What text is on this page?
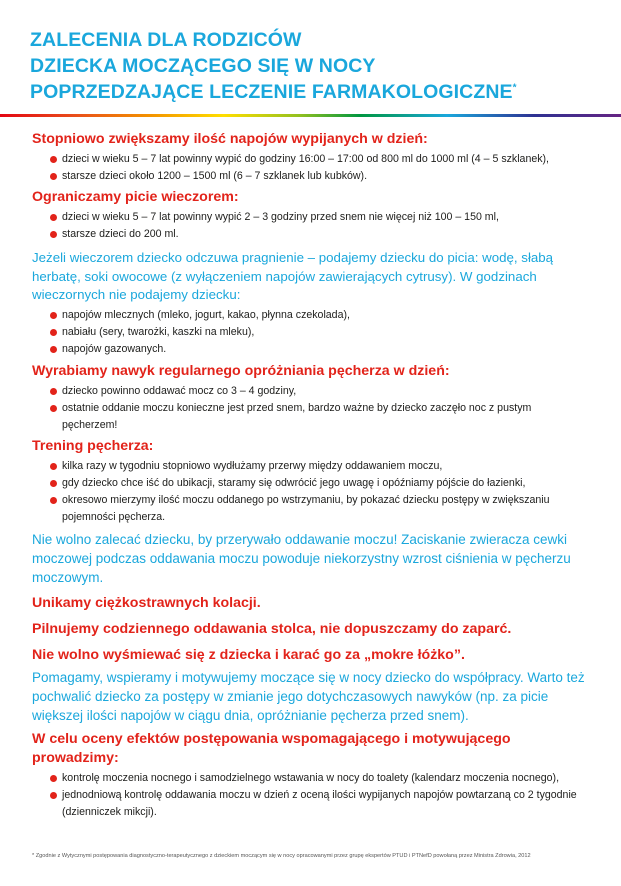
ZALECENIA DLA RODZICÓW
DZIECKA MOCZĄCEGO SIĘ W NOCY
POPRZEDZAJĄCE LECZENIE FARMAKOLOGICZNE*
Stopniowo zwiększamy ilość napojów wypijanych w dzień:
dzieci w wieku 5 – 7 lat powinny wypić do godziny 16:00 – 17:00 od 800 ml do 1000 ml (4 – 5 szklanek),
starsze dzieci około 1200 – 1500 ml (6 – 7 szklanek lub kubków).
Ograniczamy picie wieczorem:
dzieci w wieku 5 – 7 lat powinny wypić 2 – 3 godziny przed snem nie więcej niż 100 – 150 ml,
starsze dzieci do 200 ml.
Jeżeli wieczorem dziecko odczuwa pragnienie – podajemy dziecku do picia: wodę, słabą herbatę, soki owocowe (z wyłączeniem napojów zawierających cytrusy). W godzinach wieczornych nie podajemy dziecku:
napojów mlecznych (mleko, jogurt, kakao, płynna czekolada),
nabiału (sery, twarożki, kaszki na mleku),
napojów gazowanych.
Wyrabiamy nawyk regularnego opróżniania pęcherza w dzień:
dziecko powinno oddawać mocz co 3 – 4 godziny,
ostatnie oddanie moczu konieczne jest przed snem, bardzo ważne by dziecko zaczęło noc z pustym pęcherzem!
Trening pęcherza:
kilka razy w tygodniu stopniowo wydłużamy przerwy między oddawaniem moczu,
gdy dziecko chce iść do ubikacji, staramy się odwrócić jego uwagę i opóźniamy pójście do łazienki,
okresowo mierzymy ilość moczu oddanego po wstrzymaniu, by pokazać dziecku postępy w zwiększaniu pojemności pęcherza.
Nie wolno zalecać dziecku, by przerywało oddawanie moczu! Zaciskanie zwieracza cewki moczowej podczas oddawania moczu powoduje niekorzystny wzrost ciśnienia w pęcherzu moczowym.
Unikamy ciężkostrawnych kolacji.
Pilnujemy codziennego oddawania stolca, nie dopuszczamy do zaparć.
Nie wolno wyśmiewać się z dziecka i karać go za „mokre łóżko”.
Pomagamy, wspieramy i motywujemy moczące się w nocy dziecko do współpracy. Warto też pochwalić dziecko za postępy w zmianie jego dotychczasowych nawyków (np. za picie większej ilości napojów w ciągu dnia, opróżnianie pęcherza przed snem).
W celu oceny efektów postępowania wspomagającego i motywującego prowadzimy:
kontrolę moczenia nocnego i samodzielnego wstawania w nocy do toalety (kalendarz moczenia nocnego),
jednodniową kontrolę oddawania moczu w dzień z oceną ilości wypijanych napojów powtarzaną co 2 tygodnie (dzienniczek mikcji).
* Zgodnie z Wytycznymi postępowania diagnostyczno-terapeutycznego z dzieckiem moczącym się w nocy opracowanymi przez grupę ekspertów PTUD i PTNefD powołaną przez Ministra Zdrowia, 2012
